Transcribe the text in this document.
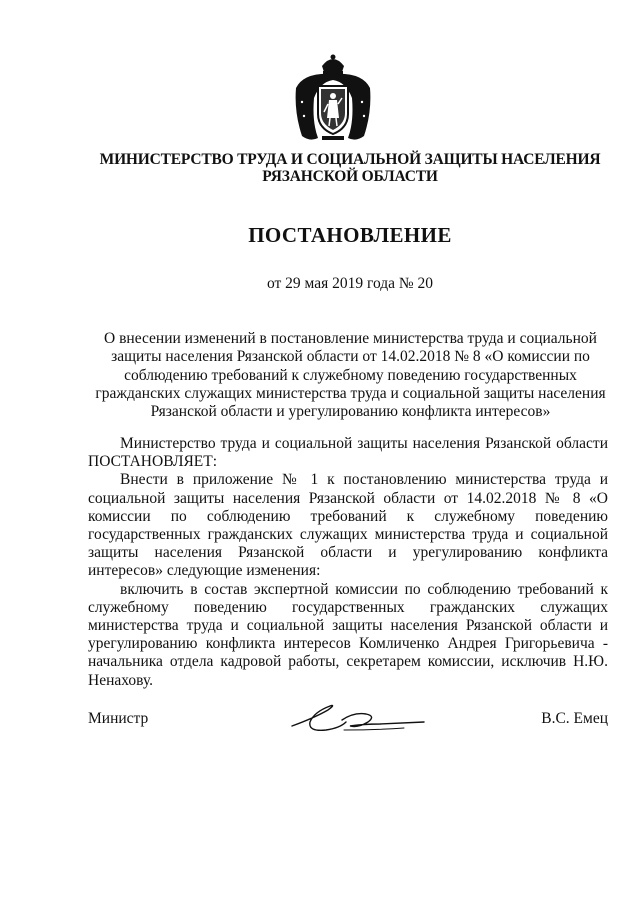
МИНИСТЕРСТВО ТРУДА И СОЦИАЛЬНОЙ ЗАЩИТЫ НАСЕЛЕНИЯ
РЯЗАНСКОЙ ОБЛАСТИ
ПОСТАНОВЛЕНИЕ
от 29 мая 2019 года № 20
О внесении изменений в постановление министерства труда и социальной защиты населения Рязанской области от 14.02.2018 № 8 «О комиссии по соблюдению требований к служебному поведению государственных гражданских служащих министерства труда и социальной защиты населения Рязанской области и урегулированию конфликта интересов»

Министерство труда и социальной защиты населения Рязанской области ПОСТАНОВЛЯЕТ:

Внести в приложение № 1 к постановлению министерства труда и социальной защиты населения Рязанской области от 14.02.2018 № 8 «О комиссии по соблюдению требований к служебному поведению государственных гражданских служащих министерства труда и социальной защиты населения Рязанской области и урегулированию конфликта интересов» следующие изменения:

включить в состав экспертной комиссии по соблюдению требований к служебному поведению государственных гражданских служащих министерства труда и социальной защиты населения Рязанской области и урегулированию конфликта интересов Комличенко Андрея Григорьевича - начальника отдела кадровой работы, секретарем комиссии, исключив Н.Ю. Ненахову.

Министр	В.С. Емец
